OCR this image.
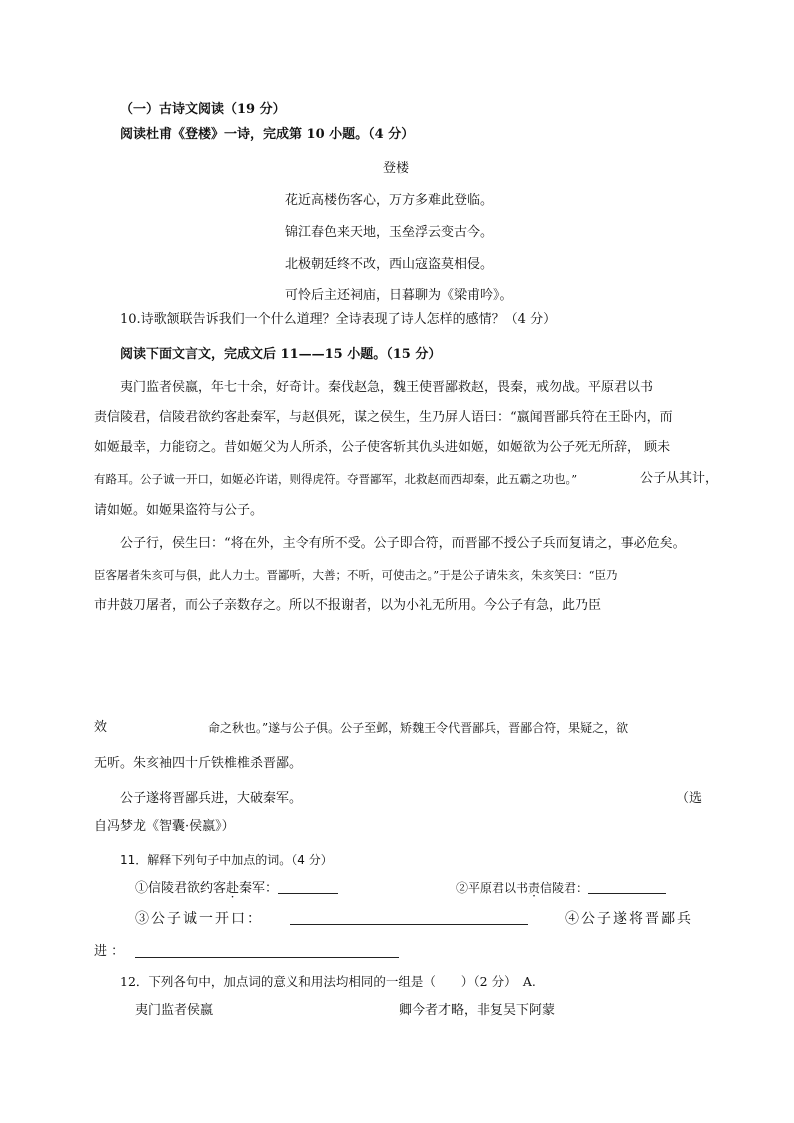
（一）古诗文阅读（19 分）
阅读杜甫《登楼》一诗，完成第 10 小题。（4 分）
登楼
花近高楼伤客心，万方多难此登临。
锦江春色来天地，玉垒浮云变古今。
北极朝廷终不改，西山寇盗莫相侵。
可怜后主还祠庙，日暮聊为《梁甫吟》。
10.诗歌颔联告诉我们一个什么道理？全诗表现了诗人怎样的感情？（4 分）
阅读下面文言文，完成文后 11——15 小题。（15 分）
夷门监者侯嬴，年七十余，好奇计。秦伐赵急，魏王使晋鄙救赵，畏秦，戒勿战。平原君以书
责信陵君，信陵君欲约客赴秦军，与赵俱死，谋之侯生，生乃屏人语曰：“嬴闻晋鄙兵符在王卧内，而
如姬最幸，力能窃之。昔如姬父为人所杀，公子使客斩其仇头进如姬，如姬欲为公子死无所辞， 顾未
有路耳。公子诚一开口，如姬必许诺，则得虎符。夺晋鄙军，北救赵而西却秦，此五霸之功也。”	公子从其计，
请如姬。如姬果盗符与公子。
公子行，侯生曰：“将在外，主令有所不受。公子即合符，而晋鄙不授公子兵而复请之，事必危矣。
臣客屠者朱亥可与俱，此人力士。晋鄙听，大善；不听，可使击之。”于是公子请朱亥，朱亥笑曰：“臣乃
市井鼓刀屠者，而公子亲数存之。所以不报谢者，以为小礼无所用。今公子有急，此乃臣
效	命之秋也。”遂与公子俱。公子至邺，矫魏王令代晋鄙兵，晋鄙合符，果疑之，欲
无听。朱亥袖四十斤铁椎椎杀晋鄙。
公子遂将晋鄙兵进，大破秦军。	（选
自冯梦龙《智囊·侯嬴》）
11．解释下列句子中加点的词。（4 分）
①信陵君欲约客赴秦军：	②平原君以书责信陵君：
③公子诚一开口：	④公子遂将晋鄙兵
进 ：
12．下列各句中，加点词的意义和用法均相同的一组是（　　）（2 分）　A.
夷门监者侯嬴	卿今者才略，非复吴下阿蒙
